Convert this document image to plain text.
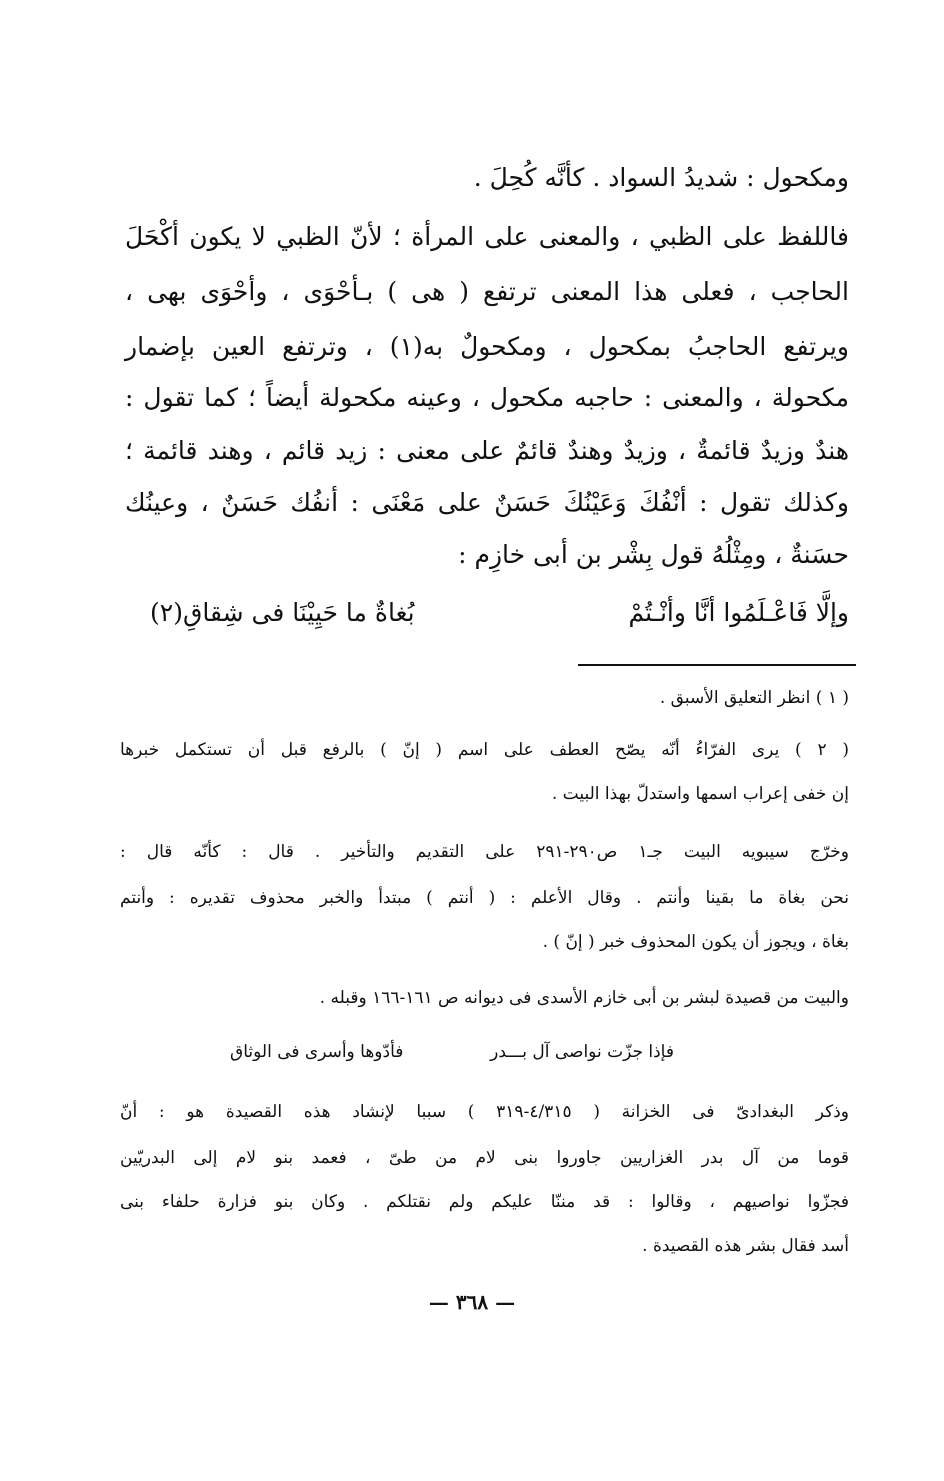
ومكحول : شديدُ السواد . كأنَّه كُحِلَ .
فاللفظ على الظبي ، والمعنى على المرأة ؛ لأنّ الظبي لا يكون أكْحَلَ
الحاجب ، فعلى هذا المعنى ترتفع ( هى ) بـأحْوَى ، وأحْوَى بهى ،
ويرتفع الحاجبُ بمكحول ، ومكحولٌ به(١) ، وترتفع العين بإضمار
مكحولة ، والمعنى : حاجبه مكحول ، وعينه مكحولة أيضاً ؛ كما تقول :
هندٌ وزيدٌ قائمةٌ ، وزيدٌ وهندٌ قائمٌ على معنى : زيد قائم ، وهند قائمة ؛
وكذلك تقول : أنْفُكَ وَعَيْنُكَ حَسَنٌ على مَعْنَى : أنفُك حَسَنٌ ، وعينُك
حسَنةٌ ، ومِثْلُهُ قول بِشْر بن أبى خازِم :
وإلَّا فَاعْـلَمُوا أنَّا وأنْـتُمْ
بُغاةٌ ما حَيِيْنَا فى شِقاقِ(٢)
( ١ ) انظر التعليق الأسبق .
( ٢ ) يرى الفرّاءُ أنّه يصّح العطف على اسم ( إنّ ) بالرفع قبل أن تستكمل خبرها
إن خفى إعراب اسمها واستدلّ بهذا البيت .
وخرّج سيبويه البيت جـ١ ص٢٩٠-٢٩١ على التقديم والتأخير . قال : كأنّه قال :
نحن بغاة ما بقينا وأنتم . وقال الأعلم : ( أنتم ) مبتدأ والخبر محذوف تقديره : وأنتم
بغاة ، ويجوز أن يكون المحذوف خبر ( إنّ ) .
والبيت من قصيدة لبشر بن أبى خازم الأسدى فى ديوانه ص ١٦١-١٦٦ وقبله .
فإذا جزّت نواصى آل بـــدر
فأدّوها وأسرى فى الوثاق
وذكر البغدادىّ فى الخزانة ( ٤/٣١٥-٣١٩ ) سببا لإنشاد هذه القصيدة هو : أنّ
قوما من آل بدر الغزاريين جاوروا بنى لام من طىّ ، فعمد بنو لام إلى البدريّين
فجزّوا نواصيهم ، وقالوا : قد مننّا عليكم ولم نقتلكم . وكان بنو فزارة حلفاء بنى
أسد فقال بشر هذه القصيدة .
— ٣٦٨ —
